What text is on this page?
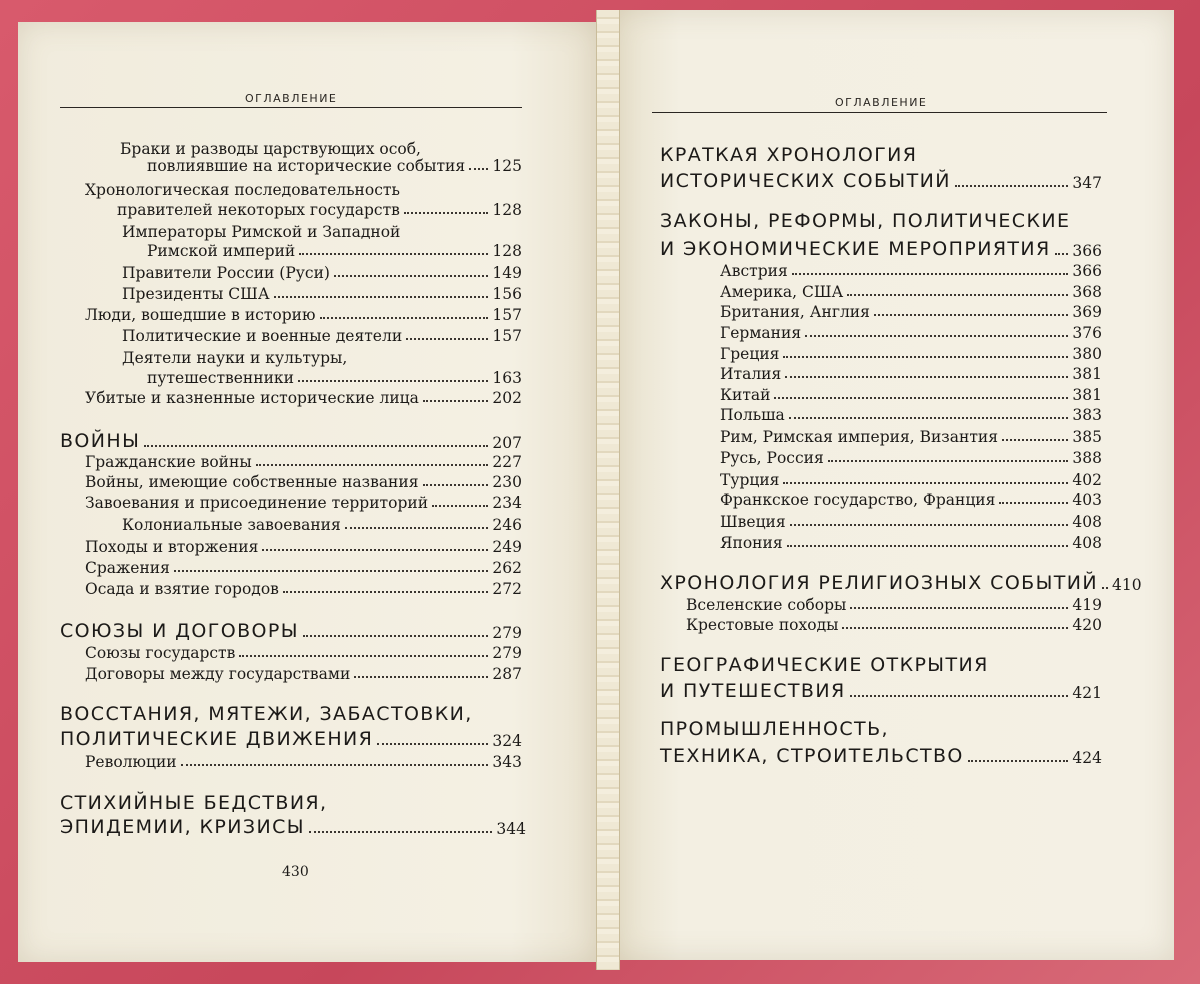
ОГЛАВЛЕНИЕ
Браки и разводы царствующих особ,
повлиявшие на исторические события 125
Хронологическая последовательность
правителей некоторых государств	128
Императоры Римской и Западной
Римской империй	128
Правители России (Руси)	149
Президенты США	156
Люди, вошедшие в историю	157
Политические и военные деятели	157
Деятели науки и культуры,
путешественники	163
Убитые и казненные исторические лица	202
ВОЙНЫ	207
Гражданские войны	227
Войны, имеющие собственные названия	230
Завоевания и присоединение территорий	234
Колониальные завоевания	246
Походы и вторжения	249
Сражения	262
Осада и взятие городов	272
СОЮЗЫ И ДОГОВОРЫ	279
Союзы государств	279
Договоры между государствами	287
ВОССТАНИЯ, МЯТЕЖИ, ЗАБАСТОВКИ,
ПОЛИТИЧЕСКИЕ ДВИЖЕНИЯ	324
Революции	343
СТИХИЙНЫЕ БЕДСТВИЯ,
ЭПИДЕМИИ, КРИЗИСЫ	344
430
ОГЛАВЛЕНИЕ
КРАТКАЯ ХРОНОЛОГИЯ
ИСТОРИЧЕСКИХ СОБЫТИЙ	347
ЗАКОНЫ, РЕФОРМЫ, ПОЛИТИЧЕСКИЕ
И ЭКОНОМИЧЕСКИЕ МЕРОПРИЯТИЯ 366
Австрия	366
Америка, США	368
Британия, Англия	369
Германия	376
Греция	380
Италия	381
Китай	381
Польша	383
Рим, Римская империя, Византия	385
Русь, Россия	388
Турция	402
Франкское государство, Франция	403
Швеция	408
Япония	408
ХРОНОЛОГИЯ РЕЛИГИОЗНЫХ СОБЫТИЙ 410
Вселенские соборы	419
Крестовые походы	420
ГЕОГРАФИЧЕСКИЕ ОТКРЫТИЯ
И ПУТЕШЕСТВИЯ	421
ПРОМЫШЛЕННОСТЬ,
ТЕХНИКА, СТРОИТЕЛЬСТВО	424
